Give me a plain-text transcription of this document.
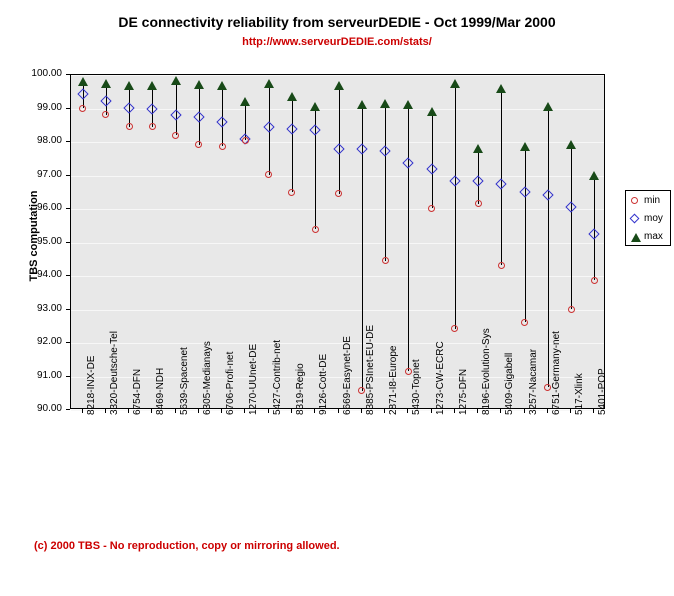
DE connectivity reliability from serveurDEDIE - Oct 1999/Mar 2000
http://www.serveurDEDIE.com/stats/
TBS computation
100.00
99.00
98.00
97.00
96.00
95.00
94.00
93.00
92.00
91.00
90.00 8218-INX-DE 3320-Deutsche-Tel 6754-DFN 8469-NDH 5639-Spacenet 6305-Medianays 6706-Profi-net 1270-UUnet-DE 5427-Contrib-net 8319-Regio 9126-Cott-DE 6669-Easynet-DE 8385-PSInet-EU-DE 2871-I8-Europe 5430-Topnet 1273-CW-ECRC 1275-DFN 8196-Evolution-Sys 5409-Gigabell 3257-Nacamar 6751-Germany-net 517-Xlink 5401-POP
min
moy
max
(c) 2000 TBS - No reproduction, copy or mirroring allowed.
